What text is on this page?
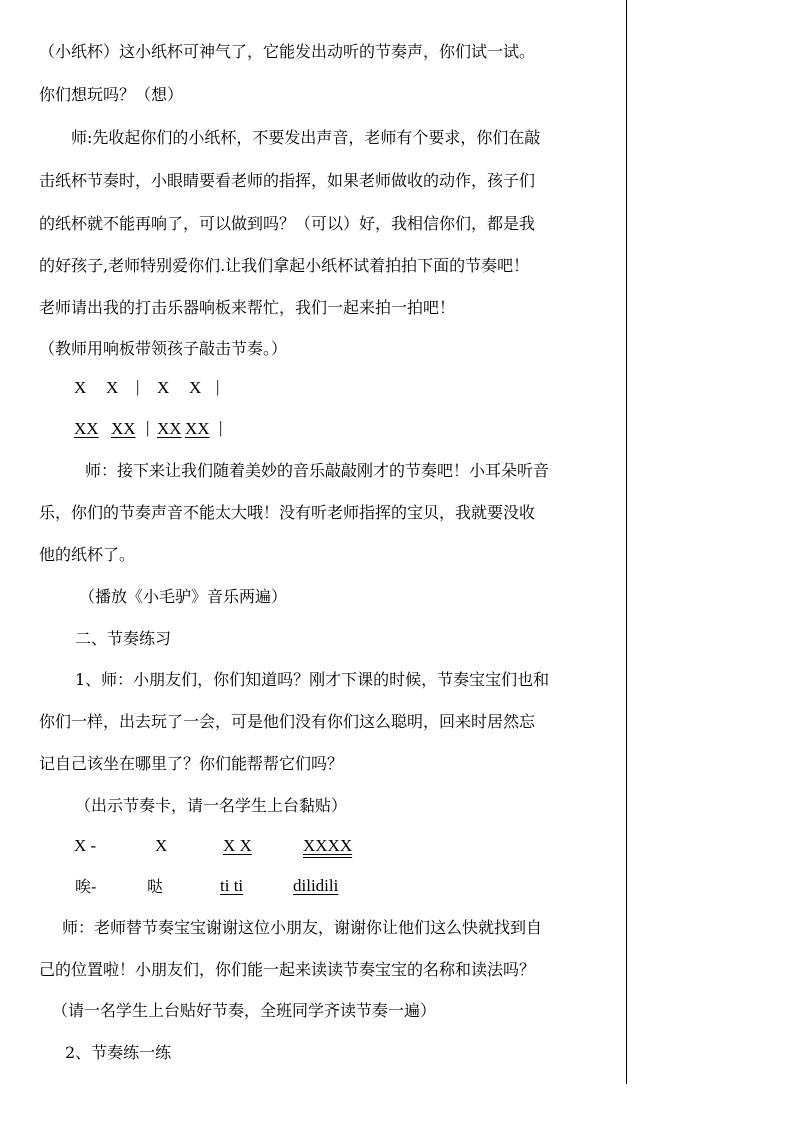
（小纸杯）这小纸杯可神气了，它能发出动听的节奏声，你们试一试。
你们想玩吗？（想）
师:先收起你们的小纸杯，不要发出声音，老师有个要求，你们在敲
击纸杯节奏时，小眼睛要看老师的指挥，如果老师做收的动作，孩子们
的纸杯就不能再响了，可以做到吗？（可以）好，我相信你们，都是我
的好孩子,老师特别爱你们.让我们拿起小纸杯试着拍拍下面的节奏吧！
老师请出我的打击乐器响板来帮忙，我们一起来拍一拍吧！
（教师用响板带领孩子敲击节奏。）
X X | X X |
XX XX | XX XX |
师：接下来让我们随着美妙的音乐敲敲刚才的节奏吧！小耳朵听音
乐，你们的节奏声音不能太大哦！没有听老师指挥的宝贝，我就要没收
他的纸杯了。
（播放《小毛驴》音乐两遍）
二、节奏练习
1、师：小朋友们，你们知道吗？刚才下课的时候，节奏宝宝们也和
你们一样，出去玩了一会，可是他们没有你们这么聪明，回来时居然忘
记自己该坐在哪里了？你们能帮帮它们吗？
（出示节奏卡，请一名学生上台黏贴）
X -	X	X X	XXXX
唉-	哒	ti ti	dilidili
师：老师替节奏宝宝谢谢这位小朋友，谢谢你让他们这么快就找到自
己的位置啦！小朋友们，你们能一起来读读节奏宝宝的名称和读法吗？
（请一名学生上台贴好节奏，全班同学齐读节奏一遍）
2、节奏练一练
